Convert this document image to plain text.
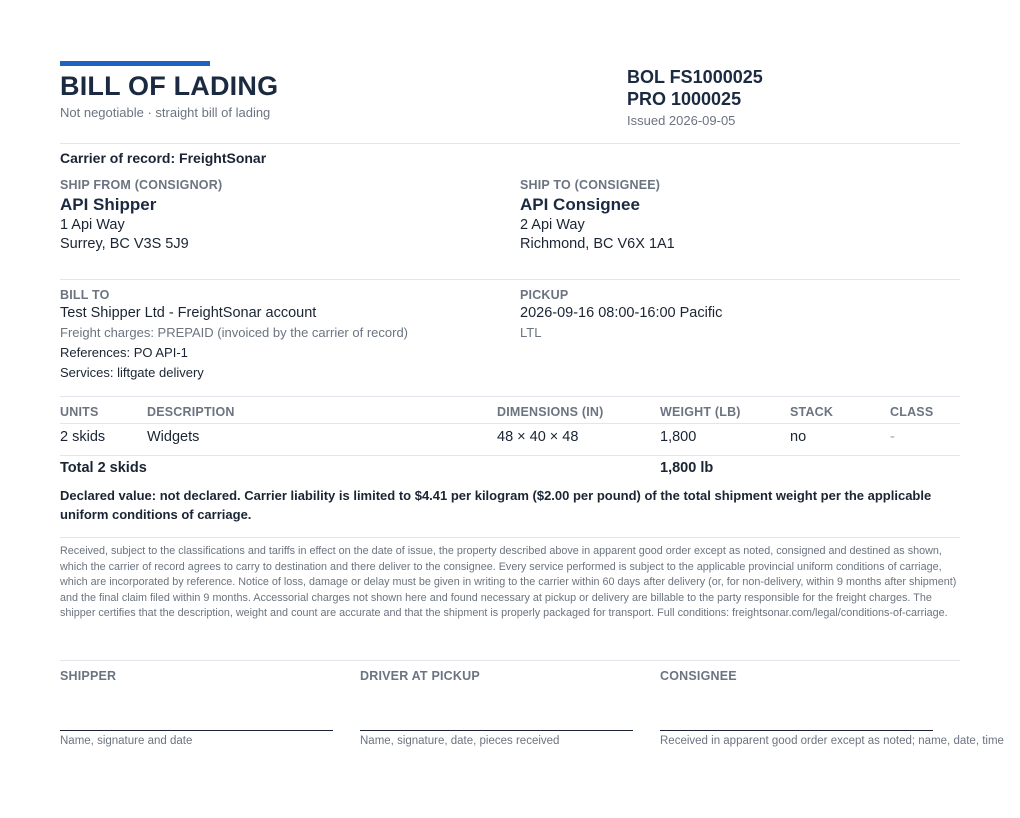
BILL OF LADING
Not negotiable · straight bill of lading
BOL FS1000025
PRO 1000025
Issued 2026-09-05
Carrier of record: FreightSonar
SHIP FROM (CONSIGNOR)
API Shipper
1 Api Way
Surrey, BC V3S 5J9
SHIP TO (CONSIGNEE)
API Consignee
2 Api Way
Richmond, BC V6X 1A1
BILL TO
Test Shipper Ltd - FreightSonar account
Freight charges: PREPAID (invoiced by the carrier of record)
References: PO API-1
Services: liftgate delivery
PICKUP
2026-09-16 08:00-16:00 Pacific
LTL
UNITS	DESCRIPTION	DIMENSIONS (IN)	WEIGHT (LB)	STACK	CLASS
2 skids	Widgets	48 × 40 × 48	1,800	no	-
Total 2 skids	1,800 lb
Declared value: not declared. Carrier liability is limited to $4.41 per kilogram ($2.00 per pound) of the total shipment weight per the applicable uniform conditions of carriage.
Received, subject to the classifications and tariffs in effect on the date of issue, the property described above in apparent good order except as noted, consigned and destined as shown, which the carrier of record agrees to carry to destination and there deliver to the consignee. Every service performed is subject to the applicable provincial uniform conditions of carriage, which are incorporated by reference. Notice of loss, damage or delay must be given in writing to the carrier within 60 days after delivery (or, for non-delivery, within 9 months after shipment) and the final claim filed within 9 months. Accessorial charges not shown here and found necessary at pickup or delivery are billable to the party responsible for the freight charges. The shipper certifies that the description, weight and count are accurate and that the shipment is properly packaged for transport. Full conditions: freightsonar.com/legal/conditions-of-carriage.
SHIPPER
Name, signature and date
DRIVER AT PICKUP
Name, signature, date, pieces received
CONSIGNEE
Received in apparent good order except as noted; name, date, time
